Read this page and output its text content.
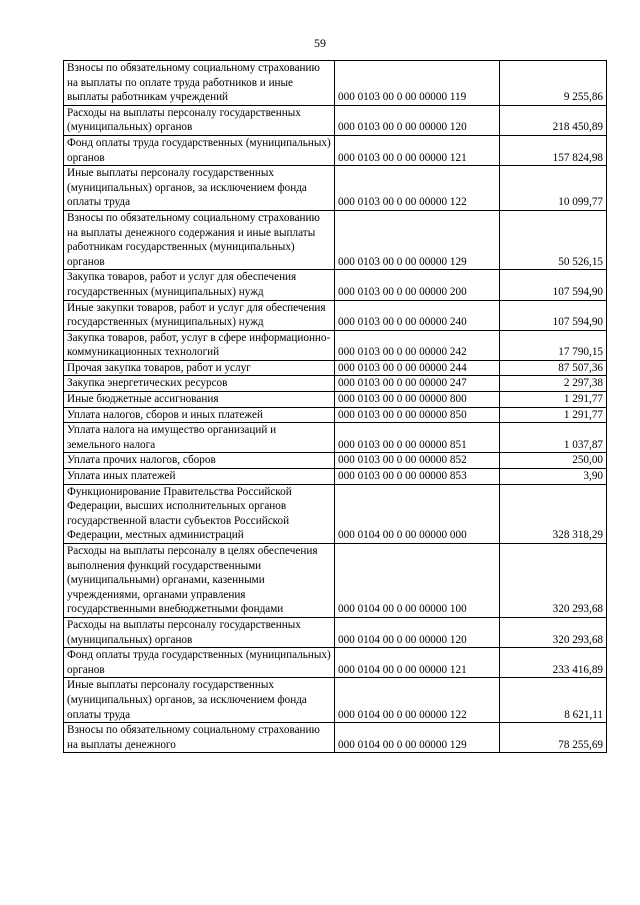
59
Взносы по обязательному социальному страхованию на выплаты по оплате труда работников и иные выплаты работникам учреждений	000 0103 00 0 00 00000 119	9 255,86
Расходы на выплаты персоналу государственных (муниципальных) органов	000 0103 00 0 00 00000 120	218 450,89
Фонд оплаты труда государственных (муниципальных) органов	000 0103 00 0 00 00000 121	157 824,98
Иные выплаты персоналу государственных (муниципальных) органов, за исключением фонда оплаты труда	000 0103 00 0 00 00000 122	10 099,77
Взносы по обязательному социальному страхованию на выплаты денежного содержания и иные выплаты работникам государственных (муниципальных) органов	000 0103 00 0 00 00000 129	50 526,15
Закупка товаров, работ и услуг для обеспечения государственных (муниципальных) нужд	000 0103 00 0 00 00000 200	107 594,90
Иные закупки товаров, работ и услуг для обеспечения государственных (муниципальных) нужд	000 0103 00 0 00 00000 240	107 594,90
Закупка товаров, работ, услуг в сфере информационно-коммуникационных технологий	000 0103 00 0 00 00000 242	17 790,15
Прочая закупка товаров, работ и услуг	000 0103 00 0 00 00000 244	87 507,36
Закупка энергетических ресурсов	000 0103 00 0 00 00000 247	2 297,38
Иные бюджетные ассигнования	000 0103 00 0 00 00000 800	1 291,77
Уплата налогов, сборов и иных платежей	000 0103 00 0 00 00000 850	1 291,77
Уплата налога на имущество организаций и земельного налога	000 0103 00 0 00 00000 851	1 037,87
Уплата прочих налогов, сборов	000 0103 00 0 00 00000 852	250,00
Уплата иных платежей	000 0103 00 0 00 00000 853	3,90
Функционирование Правительства Российской Федерации, высших исполнительных органов государственной власти субъектов Российской Федерации, местных администраций	000 0104 00 0 00 00000 000	328 318,29
Расходы на выплаты персоналу в целях обеспечения выполнения функций государственными (муниципальными) органами, казенными учреждениями, органами управления государственными внебюджетными фондами	000 0104 00 0 00 00000 100	320 293,68
Расходы на выплаты персоналу государственных (муниципальных) органов	000 0104 00 0 00 00000 120	320 293,68
Фонд оплаты труда государственных (муниципальных) органов	000 0104 00 0 00 00000 121	233 416,89
Иные выплаты персоналу государственных (муниципальных) органов, за исключением фонда оплаты труда	000 0104 00 0 00 00000 122	8 621,11
Взносы по обязательному социальному страхованию на выплаты денежного	000 0104 00 0 00 00000 129	78 255,69
